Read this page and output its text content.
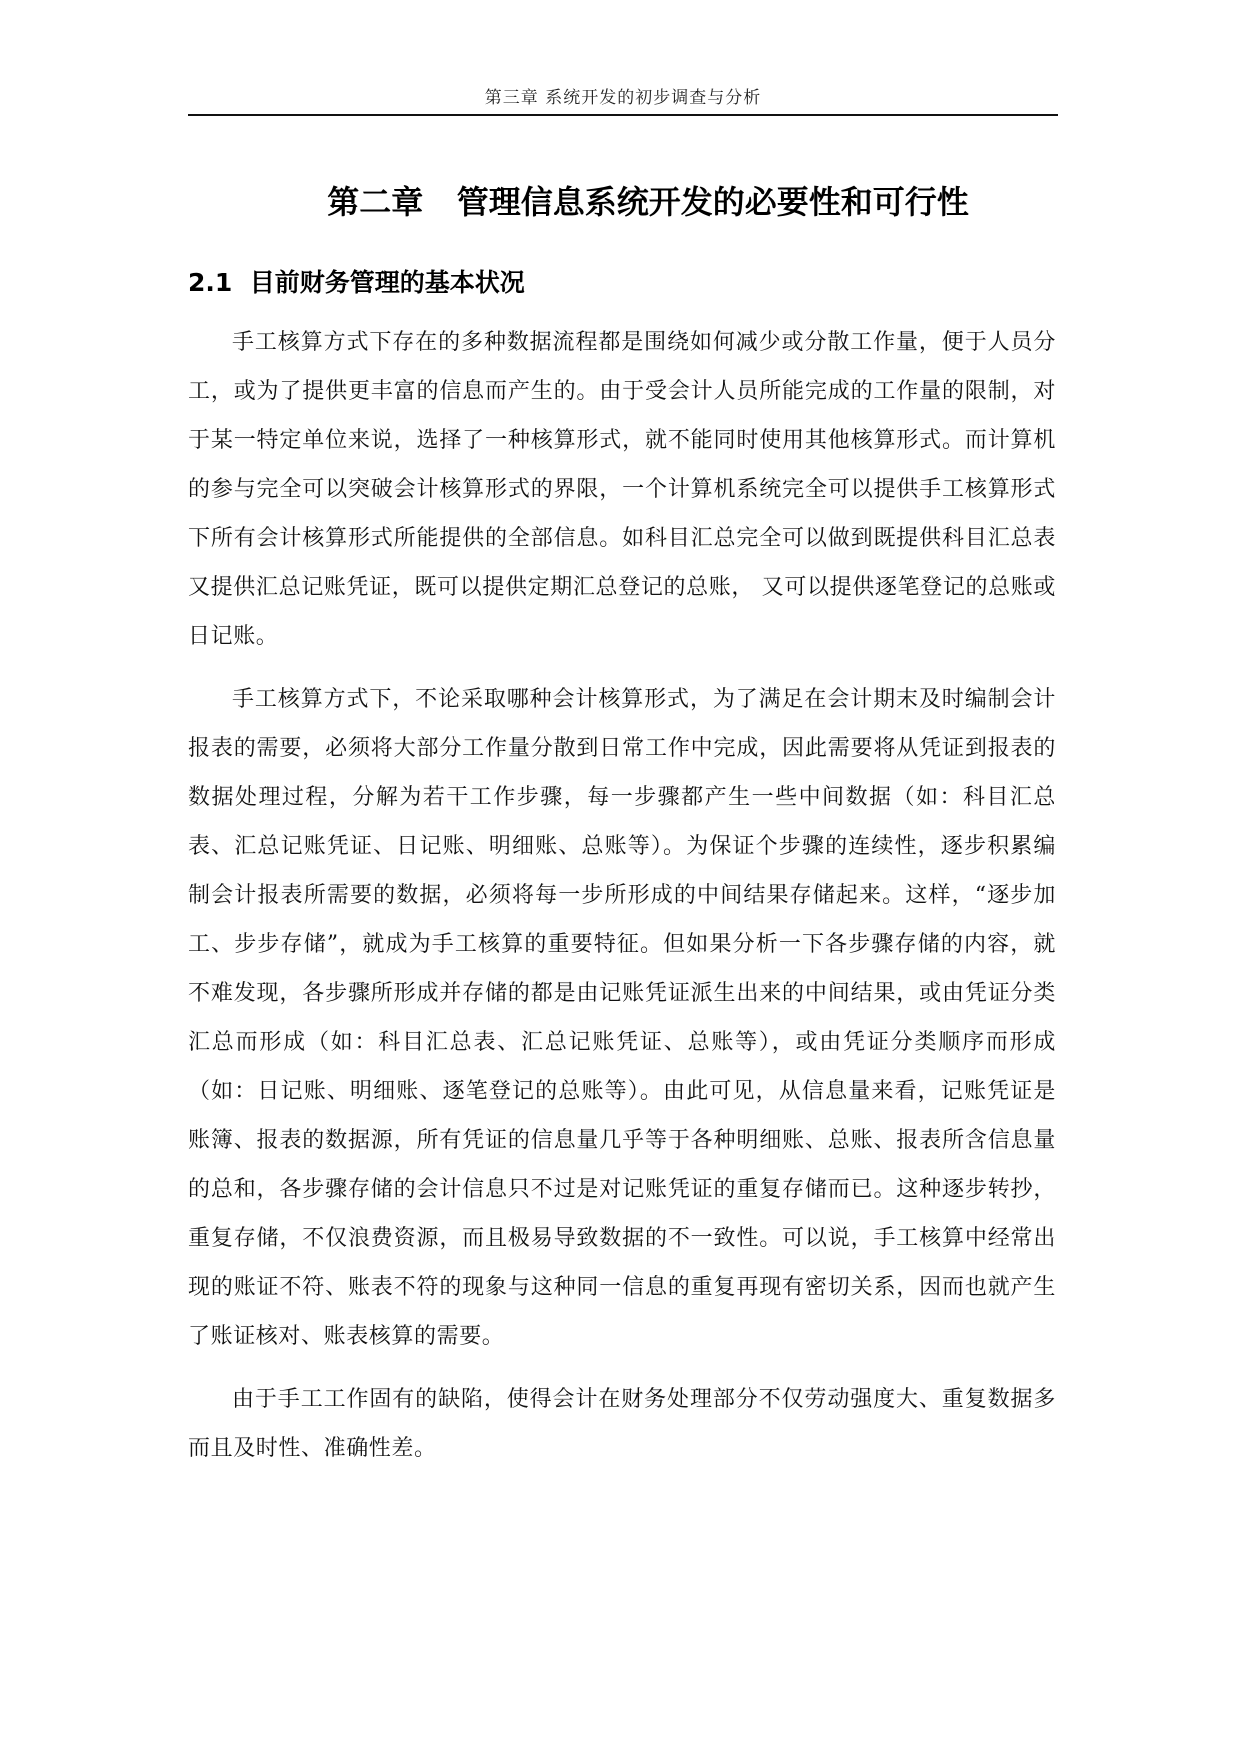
第三章 系统开发的初步调查与分析
第二章   管理信息系统开发的必要性和可行性
2.1  目前财务管理的基本状况

手工核算方式下存在的多种数据流程都是围绕如何减少或分散工作量，便于人员分工，或为了提供更丰富的信息而产生的。由于受会计人员所能完成的工作量的限制，对于某一特定单位来说，选择了一种核算形式，就不能同时使用其他核算形式。而计算机的参与完全可以突破会计核算形式的界限，一个计算机系统完全可以提供手工核算形式下所有会计核算形式所能提供的全部信息。如科目汇总完全可以做到既提供科目汇总表又提供汇总记账凭证，既可以提供定期汇总登记的总账， 又可以提供逐笔登记的总账或日记账。

手工核算方式下，不论采取哪种会计核算形式，为了满足在会计期末及时编制会计报表的需要，必须将大部分工作量分散到日常工作中完成，因此需要将从凭证到报表的数据处理过程，分解为若干工作步骤，每一步骤都产生一些中间数据（如：科目汇总表、汇总记账凭证、日记账、明细账、总账等）。为保证个步骤的连续性，逐步积累编制会计报表所需要的数据，必须将每一步所形成的中间结果存储起来。这样，“逐步加工、步步存储”，就成为手工核算的重要特征。但如果分析一下各步骤存储的内容，就不难发现，各步骤所形成并存储的都是由记账凭证派生出来的中间结果，或由凭证分类汇总而形成（如：科目汇总表、汇总记账凭证、总账等），或由凭证分类顺序而形成（如：日记账、明细账、逐笔登记的总账等）。由此可见，从信息量来看，记账凭证是账簿、报表的数据源，所有凭证的信息量几乎等于各种明细账、总账、报表所含信息量的总和，各步骤存储的会计信息只不过是对记账凭证的重复存储而已。这种逐步转抄，重复存储，不仅浪费资源，而且极易导致数据的不一致性。可以说，手工核算中经常出现的账证不符、账表不符的现象与这种同一信息的重复再现有密切关系，因而也就产生了账证核对、账表核算的需要。

由于手工工作固有的缺陷，使得会计在财务处理部分不仅劳动强度大、重复数据多而且及时性、准确性差。
